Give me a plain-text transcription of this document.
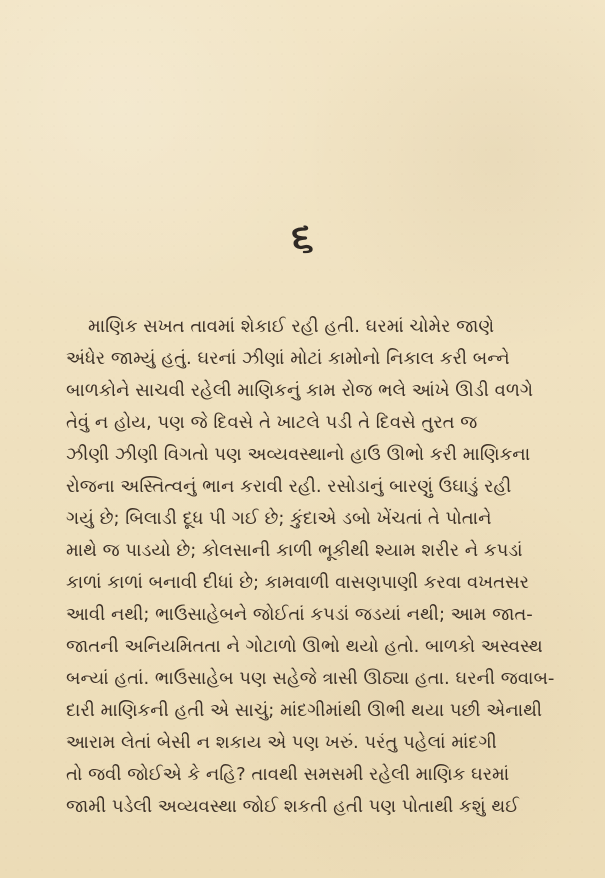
૬
માણિક સખત તાવમાં શેકાઈ રહી હતી. ઘરમાં ચોમેર જાણે
અંધેર જામ્યું હતું. ઘરનાં ઝીણાં મોટાં કામોનો નિકાલ કરી બન્ને
બાળકોને સાચવી રહેલી માણિકનું કામ રોજ ભલે આંખે ઊડી વળગે
તેવું ન હોય, પણ જે દિવસે તે ખાટલે પડી તે દિવસે તુરત જ
ઝીણી ઝીણી વિગતો પણ અવ્યવસ્થાનો હાઉ ઊભો કરી માણિકના
રોજના અસ્તિત્વનું ભાન કરાવી રહી. રસોડાનું બારણું ઉઘાડું રહી
ગયું છે; બિલાડી દૂધ પી ગઈ છે; કુંદાએ ડબો ખેંચતાં તે પોતાને
માથે જ પાડયો છે; કોલસાની કાળી ભૂકીથી શ્યામ શરીર ને કપડાં
કાળાં કાળાં બનાવી દીધાં છે; કામવાળી વાસણપાણી કરવા વખતસર
આવી નથી; ભાઉસાહેબને જોઈતાં કપડાં જડયાં નથી; આમ જાત-
જાતની અનિયમિતતા ને ગોટાળો ઊભો થયો હતો. બાળકો અસ્વસ્થ
બન્યાં હતાં. ભાઉસાહેબ પણ સહેજે ત્રાસી ઊઠ્યા હતા. ઘરની જવાબ-
દારી માણિકની હતી એ સાચું; માંદગીમાંથી ઊભી થયા પછી એનાથી
આરામ લેતાં બેસી ન શકાય એ પણ ખરું. પરંતુ પહેલાં માંદગી
તો જવી જોઈએ કે નહિ? તાવથી સમસમી રહેલી માણિક ઘરમાં
જામી પડેલી અવ્યવસ્થા જોઈ શકતી હતી પણ પોતાથી કશું થઈ
